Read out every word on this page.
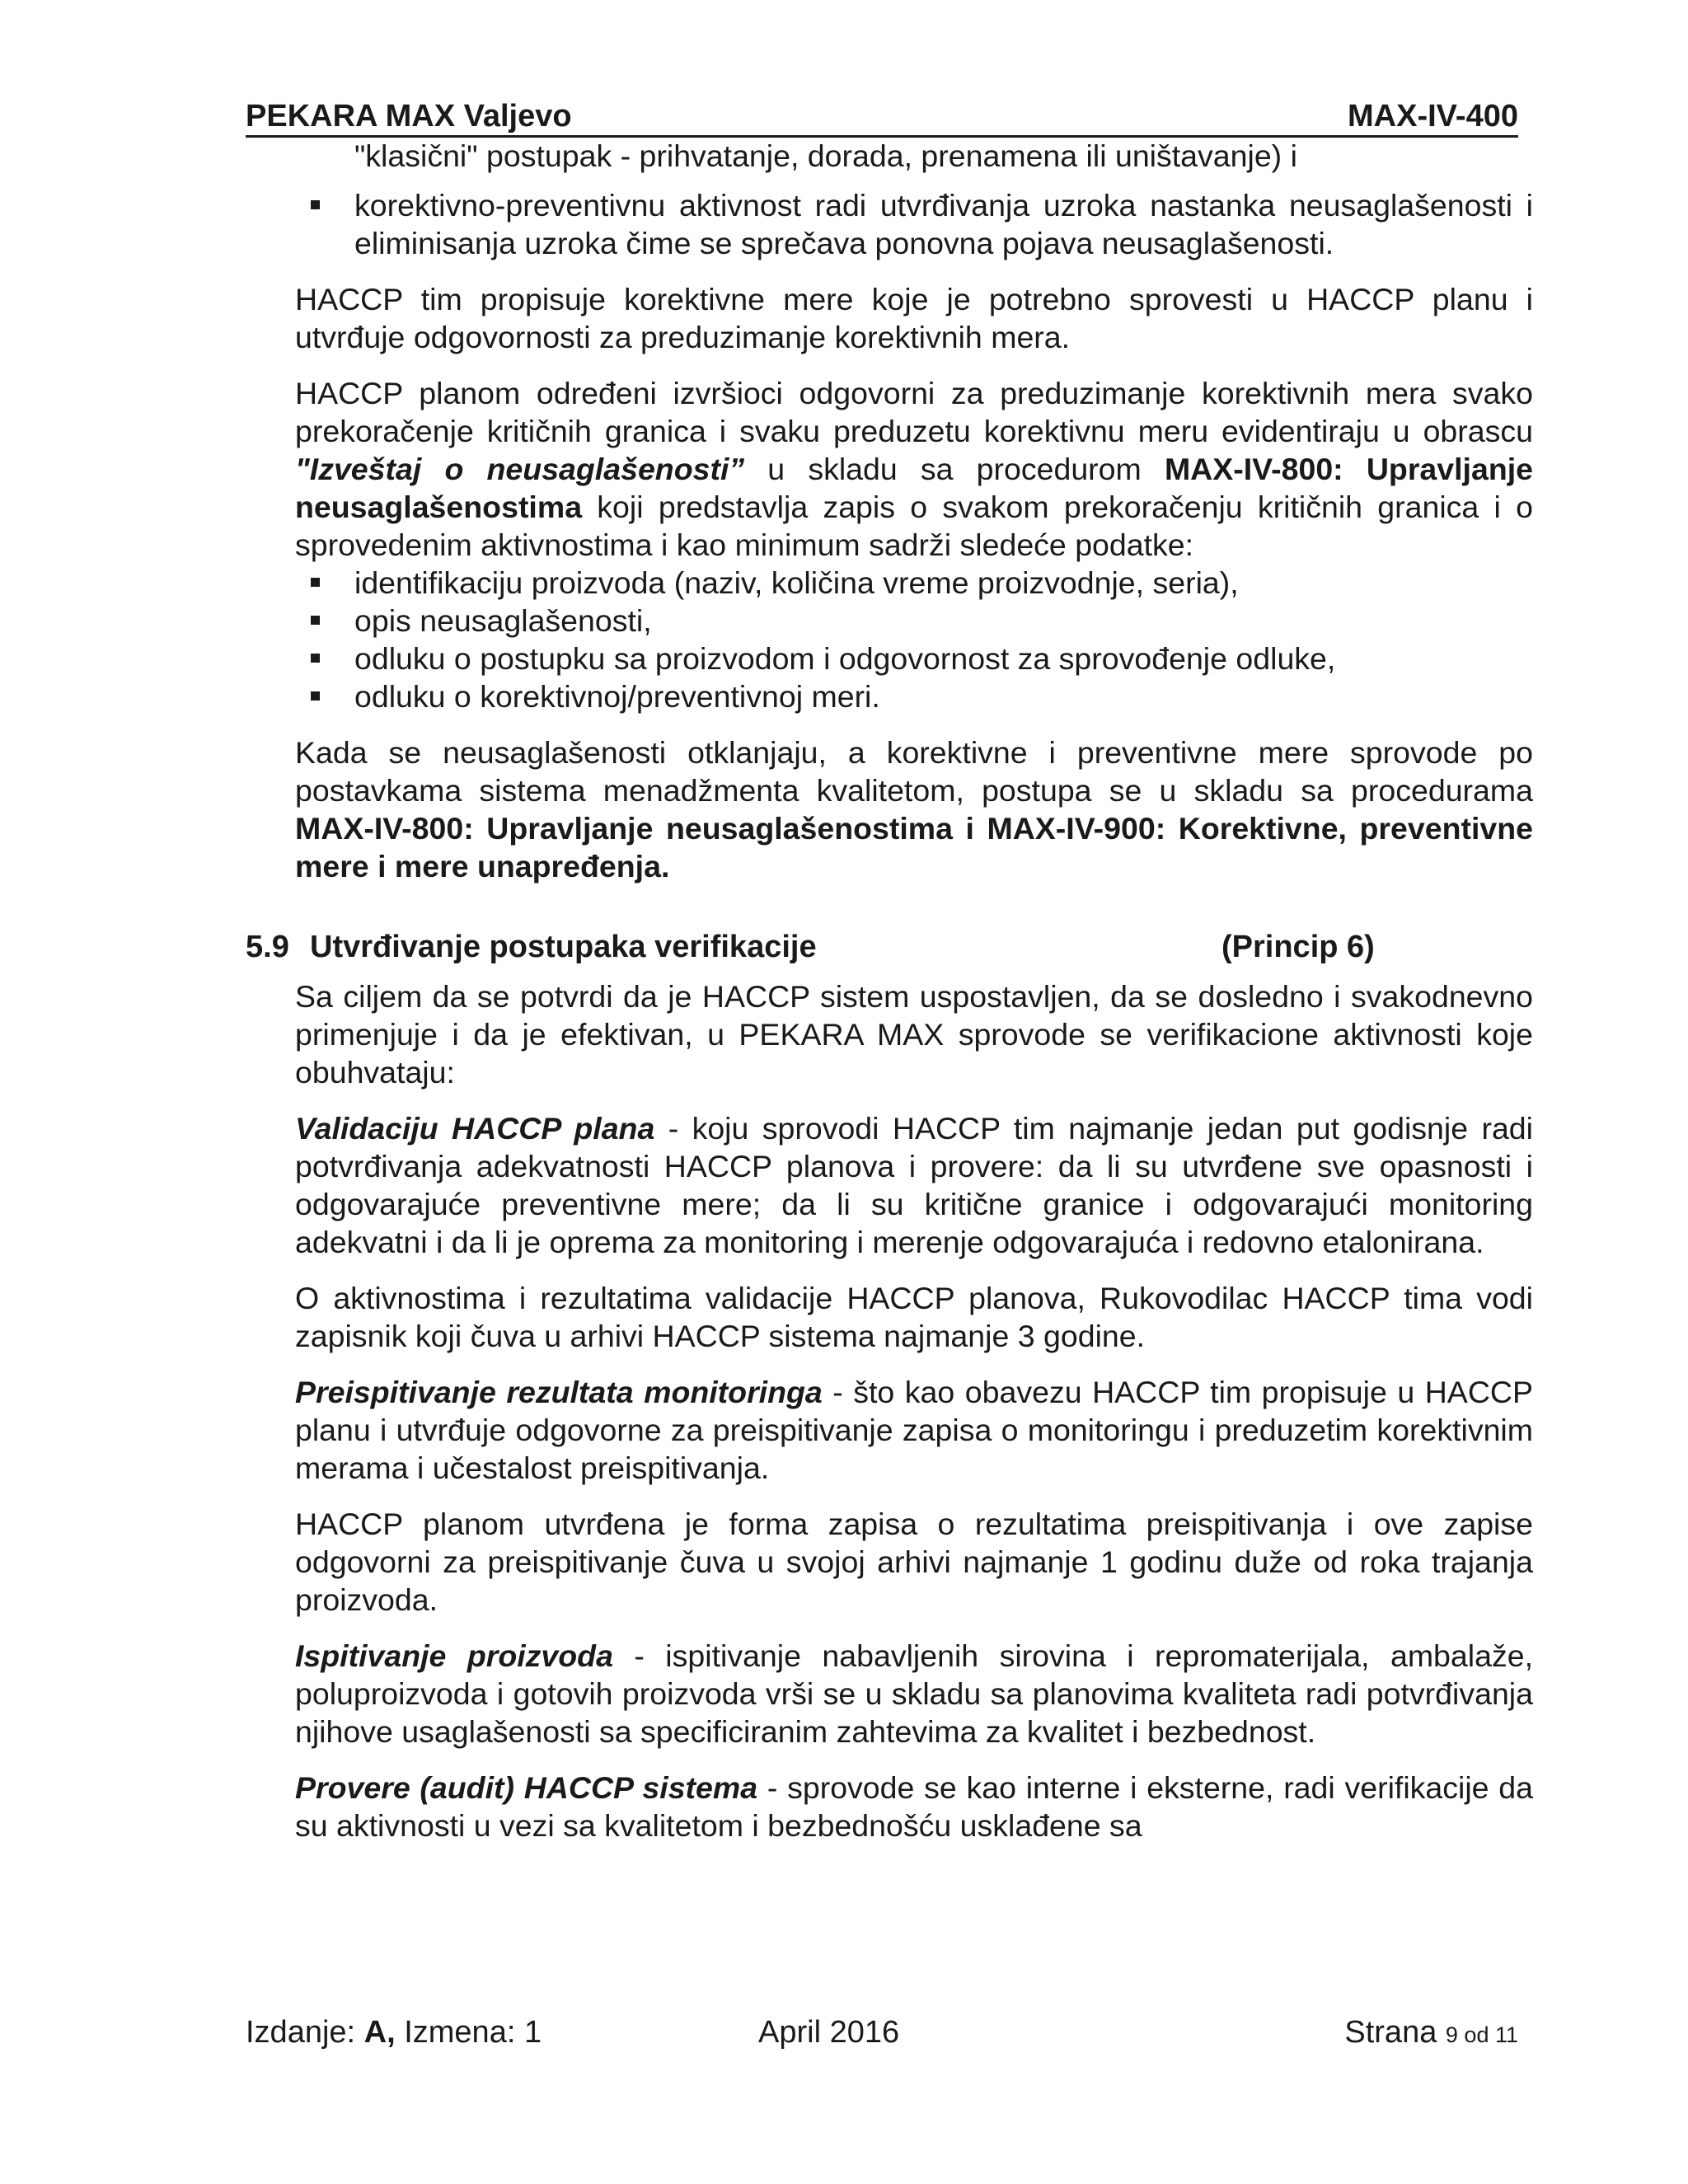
PEKARA MAX Valjevo	MAX-IV-400

"klasični" postupak - prihvatanje, dorada, prenamena ili uništavanje) i

korektivno-preventivnu aktivnost radi utvrđivanja uzroka nastanka neusaglašenosti i eliminisanja uzroka čime se sprečava ponovna pojava neusaglašenosti.

HACCP tim propisuje korektivne mere koje je potrebno sprovesti u HACCP planu i utvrđuje odgovornosti za preduzimanje korektivnih mera.

HACCP planom određeni izvršioci odgovorni za preduzimanje korektivnih mera svako prekoračenje kritičnih granica i svaku preduzetu korektivnu meru evidentiraju u obrascu "Izveštaj o neusaglašenosti” u skladu sa procedurom MAX-IV-800: Upravljanje neusaglašenostima koji predstavlja zapis o svakom prekoračenju kritičnih granica i o sprovedenim aktivnostima i kao minimum sadrži sledeće podatke:

identifikaciju proizvoda (naziv, količina vreme proizvodnje, seria),
opis neusaglašenosti,
odluku o postupku sa proizvodom i odgovornost za sprovođenje odluke,
odluku o korektivnoj/preventivnoj meri.

Kada se neusaglašenosti otklanjaju, a korektivne i preventivne mere sprovode po postavkama sistema menadžmenta kvalitetom, postupa se u skladu sa procedurama MAX-IV-800: Upravljanje neusaglašenostima i MAX-IV-900: Korektivne, preventivne mere i mere unapređenja.

5.9 Utvrđivanje postupaka verifikacije	(Princip 6)

Sa ciljem da se potvrdi da je HACCP sistem uspostavljen, da se dosledno i svakodnevno primenjuje i da je efektivan, u PEKARA MAX sprovode se verifikacione aktivnosti koje obuhvataju:

Validaciju HACCP plana - koju sprovodi HACCP tim najmanje jedan put godisnje radi potvrđivanja adekvatnosti HACCP planova i provere: da li su utvrđene sve opasnosti i odgovarajuće preventivne mere; da li su kritične granice i odgovarajući monitoring adekvatni i da li je oprema za monitoring i merenje odgovarajuća i redovno etalonirana.

O aktivnostima i rezultatima validacije HACCP planova, Rukovodilac HACCP tima vodi zapisnik koji čuva u arhivi HACCP sistema najmanje 3 godine.

Preispitivanje rezultata monitoringa - što kao obavezu HACCP tim propisuje u HACCP planu i utvrđuje odgovorne za preispitivanje zapisa o monitoringu i preduzetim korektivnim merama i učestalost preispitivanja.

HACCP planom utvrđena je forma zapisa o rezultatima preispitivanja i ove zapise odgovorni za preispitivanje čuva u svojoj arhivi najmanje 1 godinu duže od roka trajanja proizvoda.

Ispitivanje proizvoda - ispitivanje nabavljenih sirovina i repromaterijala, ambalaže, poluproizvoda i gotovih proizvoda vrši se u skladu sa planovima kvaliteta radi potvrđivanja njihove usaglašenosti sa specificiranim zahtevima za kvalitet i bezbednost.

Provere (audit) HACCP sistema - sprovode se kao interne i eksterne, radi verifikacije da su aktivnosti u vezi sa kvalitetom i bezbednošću usklađene sa

Izdanje: A, Izmena: 1	April 2016	Strana 9 od 11
